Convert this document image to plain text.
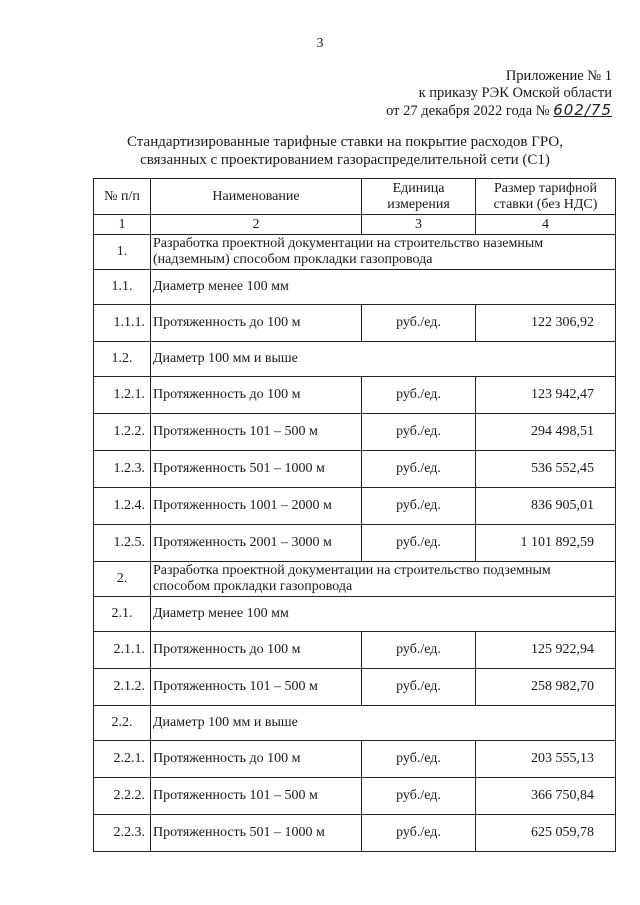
3
Приложение № 1
к приказу РЭК Омской области
от 27 декабря 2022 года № 602/75
Стандартизированные тарифные ставки на покрытие расходов ГРО,
связанных с проектированием газораспределительной сети (C1)
№ п/п	Наименование	Единица измерения	Размер тарифной ставки (без НДС)
1	2	3	4
1.	Разработка проектной документации на строительство наземным (надземным) способом прокладки газопровода		
1.1.	Диаметр менее 100 мм		
1.1.1.	Протяженность до 100 м	руб./ед.	122 306,92
1.2.	Диаметр 100 мм и выше		
1.2.1.	Протяженность до 100 м	руб./ед.	123 942,47
1.2.2.	Протяженность 101 – 500 м	руб./ед.	294 498,51
1.2.3.	Протяженность 501 – 1000 м	руб./ед.	536 552,45
1.2.4.	Протяженность 1001 – 2000 м	руб./ед.	836 905,01
1.2.5.	Протяженность 2001 – 3000 м	руб./ед.	1 101 892,59
2.	Разработка проектной документации на строительство подземным способом прокладки газопровода		
2.1.	Диаметр менее 100 мм		
2.1.1.	Протяженность до 100 м	руб./ед.	125 922,94
2.1.2.	Протяженность 101 – 500 м	руб./ед.	258 982,70
2.2.	Диаметр 100 мм и выше		
2.2.1.	Протяженность до 100 м	руб./ед.	203 555,13
2.2.2.	Протяженность 101 – 500 м	руб./ед.	366 750,84
2.2.3.	Протяженность 501 – 1000 м	руб./ед.	625 059,78
